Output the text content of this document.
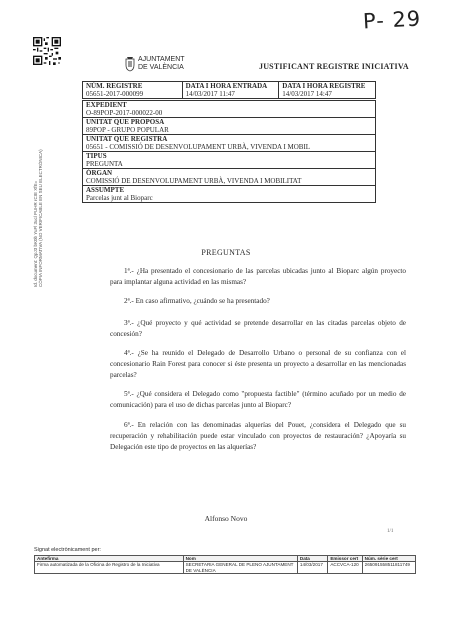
P- 29
AJUNTAMENT
DE VALÈNCIA	JUSTIFICANT REGISTRE INICIATIVA
Id. document: QpJ3 bK0b YuFl 3ucl PUHR rCIE XfE= CÒPIA INFORMATIVA (NO VERIFICABLE EN SEU ELECTRÒNICA)
NÚM. REGISTRE
05651-2017-000099

DATA I HORA ENTRADA
14/03/2017 11:47

DATA I HORA REGISTRE
14/03/2017 14:47
EXPEDIENT
O-89POP-2017-000022-00
UNITAT QUE PROPOSA
89POP - GRUPO POPULAR
UNITAT QUE REGISTRA
05651 - COMISSIÓ DE DESENVOLUPAMENT URBÀ, VIVENDA I MOBIL
TIPUS
PREGUNTA
ÒRGAN
COMISSIÓ DE DESENVOLUPAMENT URBÀ, VIVENDA I MOBILITAT
ASSUMPTE
Parcelas junt al Bioparc
PREGUNTAS
1ª.- ¿Ha presentado el concesionario de las parcelas ubicadas junto al Bioparc algún proyecto para implantar alguna actividad en las mismas?
2ª.- En caso afirmativo, ¿cuándo se ha presentado?
3ª.- ¿Qué proyecto y qué actividad se pretende desarrollar en las citadas parcelas objeto de concesión?
4ª.- ¿Se ha reunido el Delegado de Desarrollo Urbano o personal de su confianza con el concesionario Rain Forest para conocer si éste presenta un proyecto a desarrollar en las mencionadas parcelas?
5ª.- ¿Qué considera el Delegado como "propuesta factible" (término acuñado por un medio de comunicación) para el uso de dichas parcelas junto al Bioparc?
6ª.- En relación con las denominadas alquerías del Pouet, ¿considera el Delegado que su recuperación y rehabilitación puede estar vinculado con proyectos de restauración? ¿Apoyaría su Delegación este tipo de proyectos en las alquerías?
Alfonso Novo
1/1
Signat electrònicament per:
Antefirma	Nom	Data	Emissor cert	Núm. sèrie cert
Firma automatizada de la Oficina de Registro de la Iniciativa	SECRETARIA GENERAL DE PLENO AJUNTAMENT DE VALÈNCIA	14/03/2017	ACCVCA-120	265091558511811749
